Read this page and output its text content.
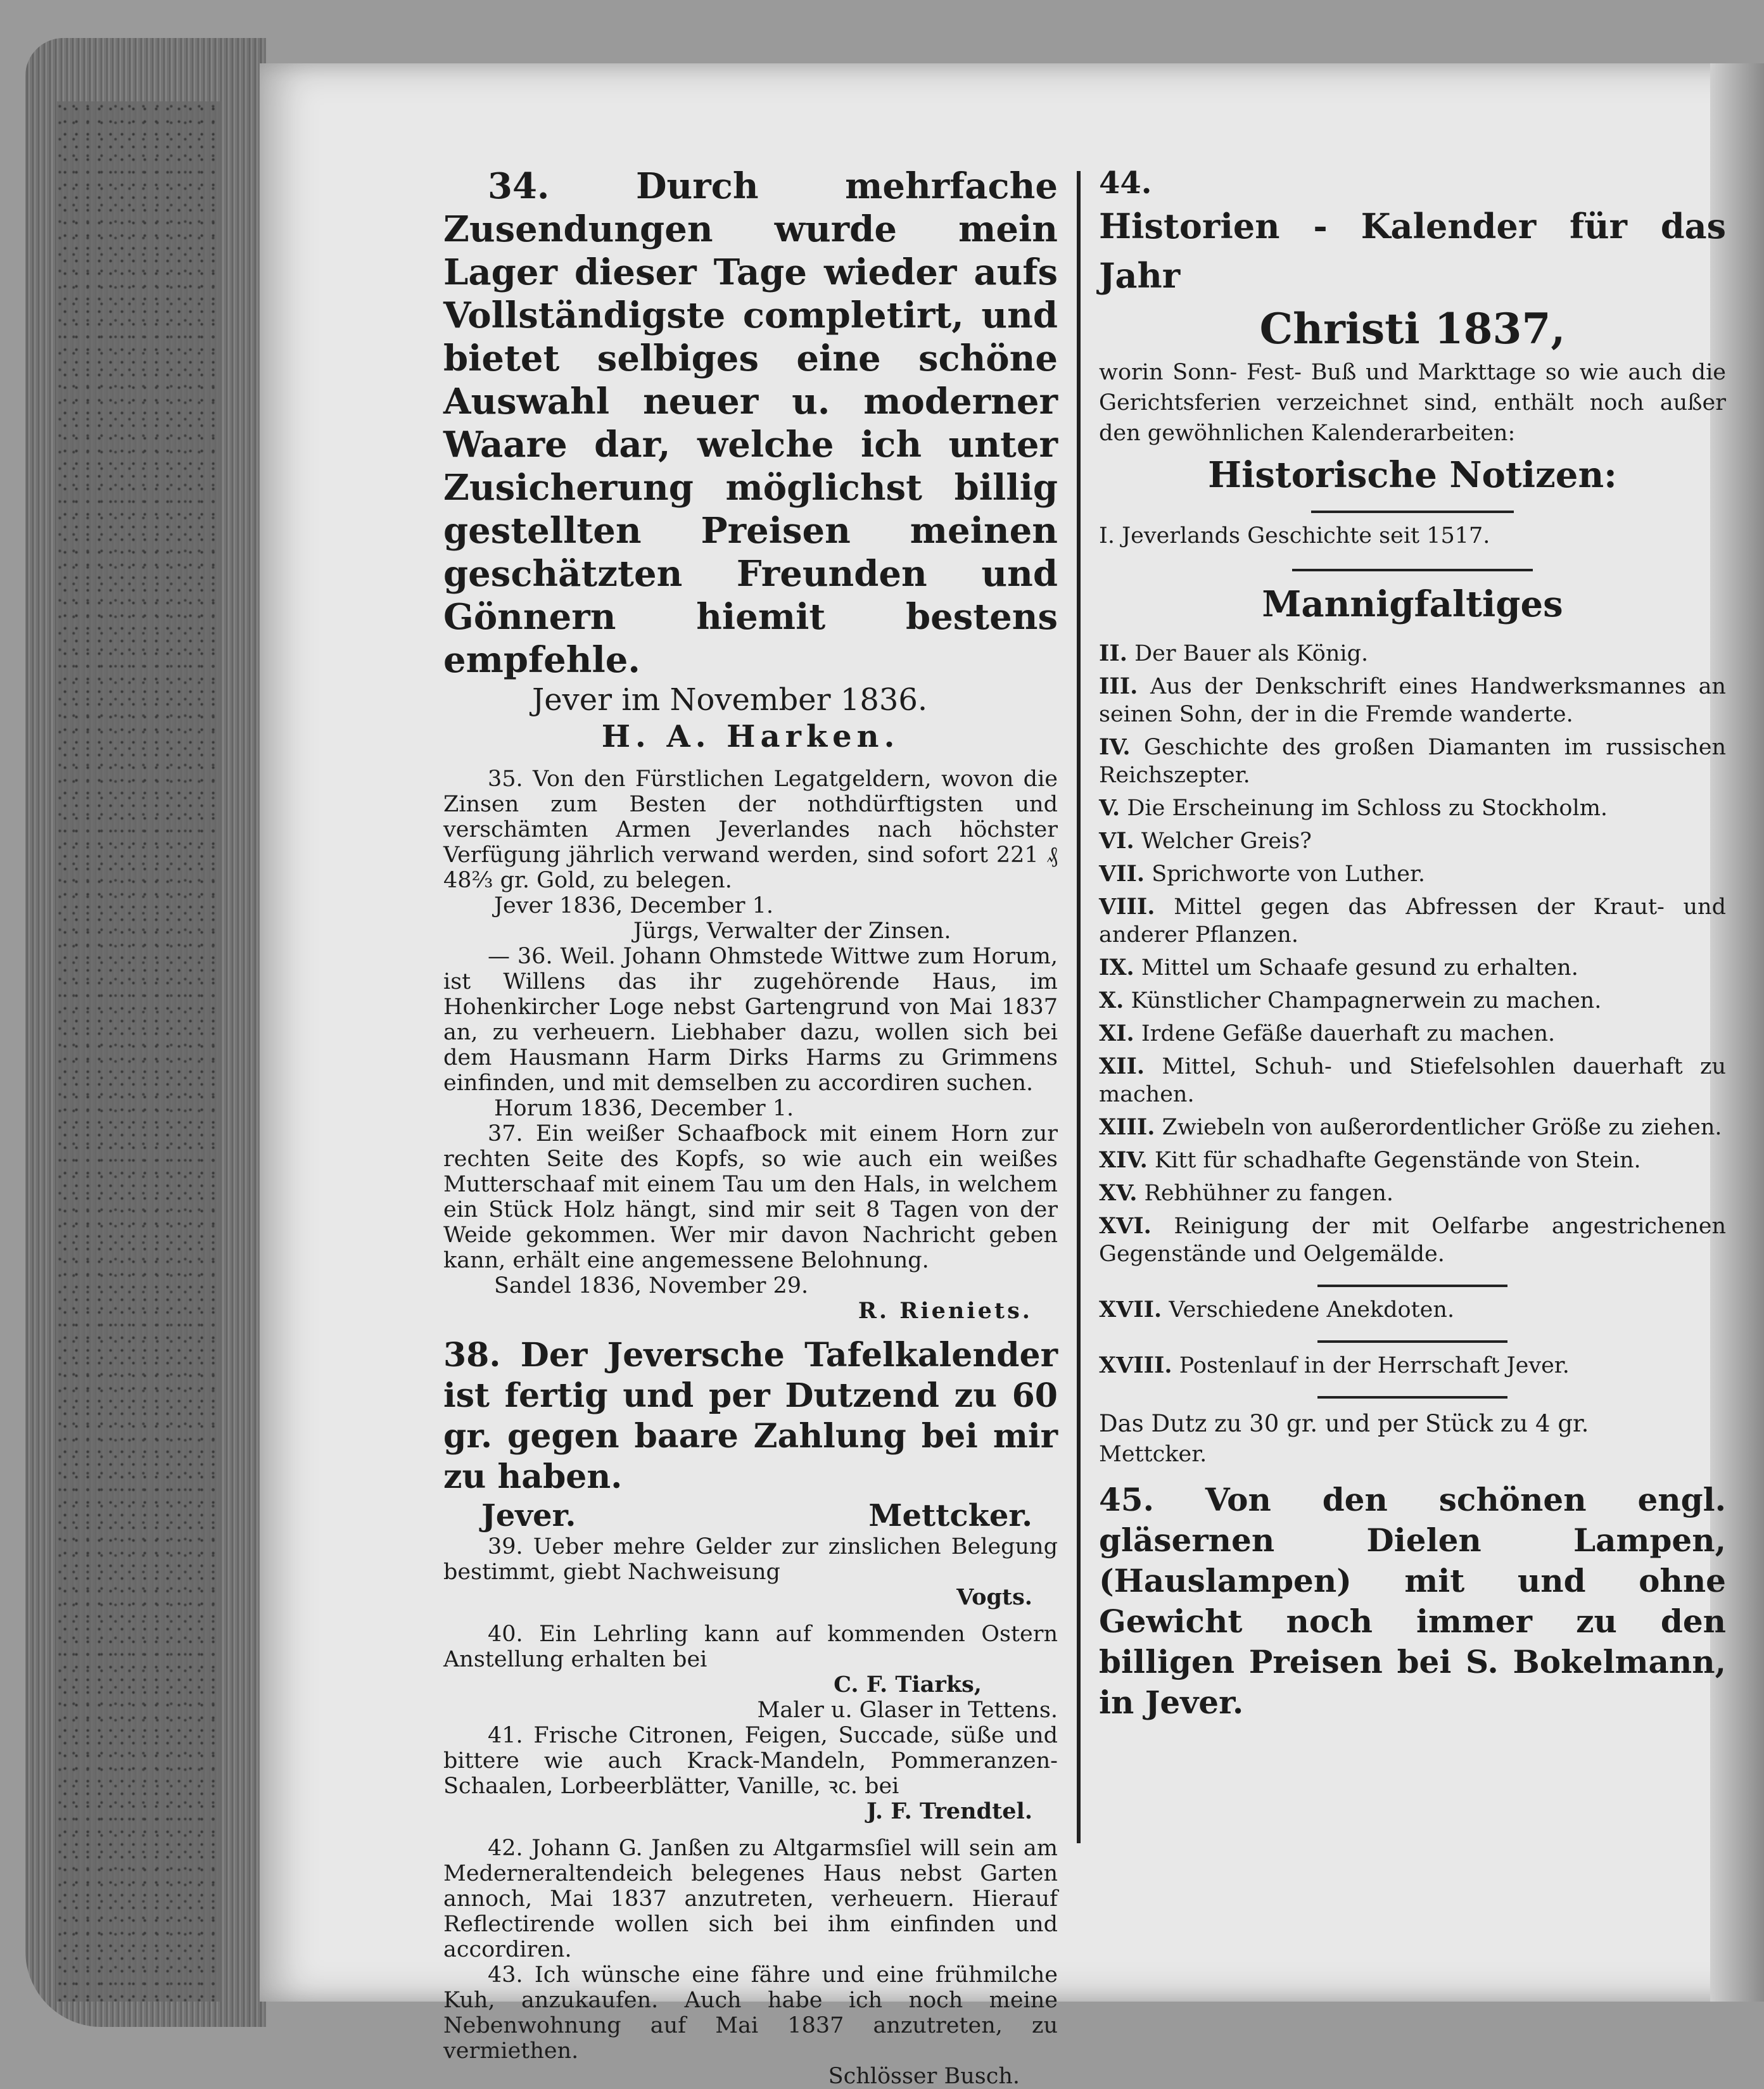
34. Durch mehrfache Zusendungen wurde mein Lager dieser Tage wieder aufs Vollständigste completirt, und bietet selbiges eine schöne Auswahl neuer u. moderner Waare dar, welche ich unter Zusicherung möglichst billig gestellten Preisen meinen geschätzten Freunden und Gönnern hiemit bestens empfehle.

Jever im November 1836.

H. A. Harken.

35. Von den Fürstlichen Legatgeldern, wovon die Zinsen zum Besten der nothdürftigsten und verschämten Armen Jeverlandes nach höchster Verfügung jährlich verwand werden, sind sofort 221 ₰ 48⅔ gr. Gold, zu belegen.

Jever 1836, December 1.

Jürgs, Verwalter der Zinsen.

— 36. Weil. Johann Ohmstede Wittwe zum Horum, ist Willens das ihr zugehörende Haus, im Hohenkircher Loge nebst Gartengrund von Mai 1837 an, zu verheuern. Liebhaber dazu, wollen sich bei dem Hausmann Harm Dirks Harms zu Grimmens einfinden, und mit demselben zu accordiren suchen.

Horum 1836, December 1.

37. Ein weißer Schaafbock mit einem Horn zur rechten Seite des Kopfs, so wie auch ein weißes Mutterschaaf mit einem Tau um den Hals, in welchem ein Stück Holz hängt, sind mir seit 8 Tagen von der Weide gekommen. Wer mir davon Nachricht geben kann, erhält eine angemessene Belohnung.

Sandel 1836, November 29.

R. Rieniets.

38. Der Jeversche Tafelkalender ist fertig und per Dutzend zu 60 gr. gegen baare Zahlung bei mir zu haben.

Jever.	Mettcker.

39. Ueber mehre Gelder zur zinslichen Belegung bestimmt, giebt Nachweisung

Vogts.

40. Ein Lehrling kann auf kommenden Ostern Anstellung erhalten bei

C. F. Tiarks,

Maler u. Glaser in Tettens.

41. Frische Citronen, Feigen, Succade, süße und bittere wie auch Krack-Mandeln, Pommeranzen-Schaalen, Lorbeerblätter, Vanille, ꝛc. bei

J. F. Trendtel.

42. Johann G. Janßen zu Altgarmsſiel will sein am Mederneraltendeich belegenes Haus nebst Garten annoch, Mai 1837 anzutreten, verheuern. Hierauf Reflectirende wollen sich bei ihm einfinden und accordiren.

43. Ich wünsche eine fähre und eine frühmilche Kuh, anzukaufen. Auch habe ich noch meine Nebenwohnung auf Mai 1837 anzutreten, zu vermiethen.

Schlösser Busch.

44.

Historien - Kalender für das Jahr

Christi 1837,

worin Sonn- Fest- Buß und Markttage so wie auch die Gerichtsferien verzeichnet sind, enthält noch außer den gewöhnlichen Kalenderarbeiten:

Historische Notizen:

I. Jeverlands Geschichte seit 1517.

Mannigfaltiges

II. Der Bauer als König.

III. Aus der Denkschrift eines Handwerksmannes an seinen Sohn, der in die Fremde wanderte.

IV. Geschichte des großen Diamanten im russischen Reichszepter.

V. Die Erscheinung im Schloss zu Stockholm.

VI. Welcher Greis?

VII. Sprichworte von Luther.

VIII. Mittel gegen das Abfressen der Kraut- und anderer Pflanzen.

IX. Mittel um Schaafe gesund zu erhalten.

X. Künstlicher Champagnerwein zu machen.

XI. Irdene Gefäße dauerhaft zu machen.

XII. Mittel, Schuh- und Stiefelsohlen dauerhaft zu machen.

XIII. Zwiebeln von außerordentlicher Größe zu ziehen.

XIV. Kitt für schadhafte Gegenstände von Stein.

XV. Rebhühner zu fangen.

XVI. Reinigung der mit Oelfarbe angestrichenen Gegenstände und Oelgemälde.

XVII. Verschiedene Anekdoten.

XVIII. Postenlauf in der Herrschaft Jever.

Das Dutz zu 30 gr. und per Stück zu 4 gr.

Mettcker.

45. Von den schönen engl. gläsernen Dielen Lampen, (Hauslampen) mit und ohne Gewicht noch immer zu den billigen Preisen bei S. Bokelmann, in Jever.
